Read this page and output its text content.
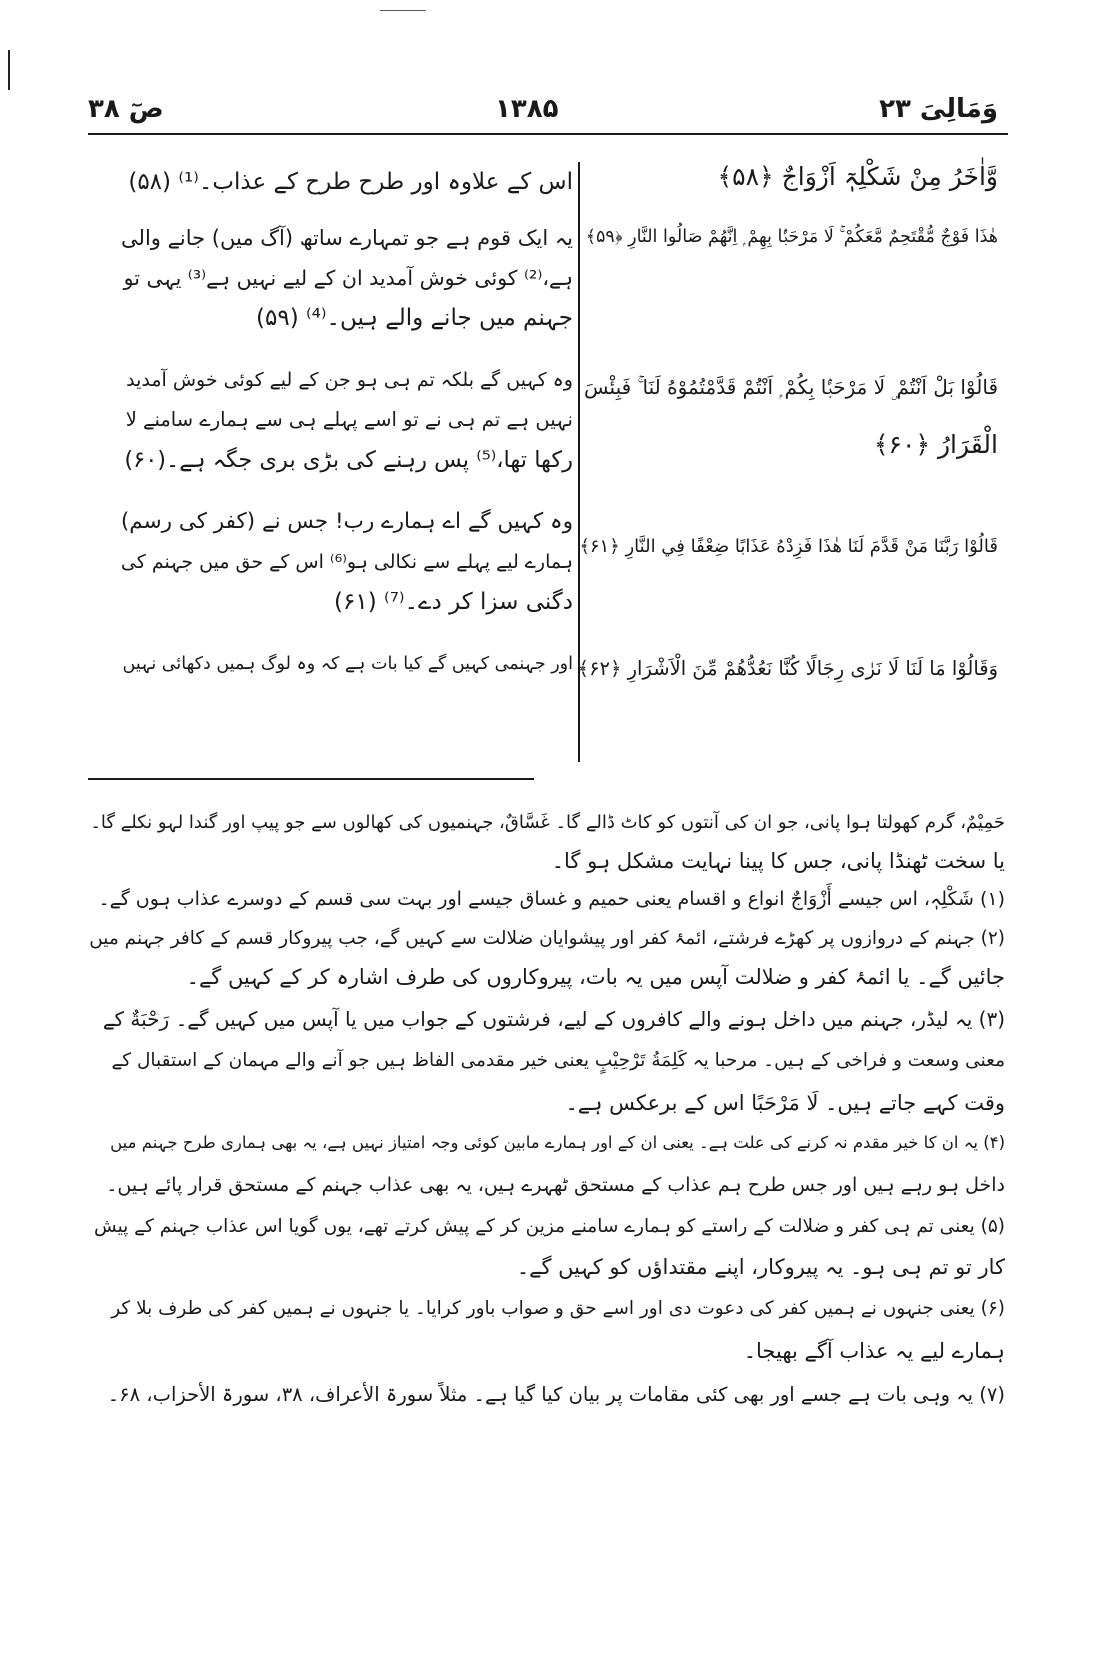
وَمَالِیَ ۲۳
۱۳۸۵
صٓ ۳۸
وَّاٰخَرُ مِنْ شَکْلِہٖٓ اَزْوَاجٌ ﴿۵۸﴾
ھٰذَا فَوْجٌ مُّقْتَحِمٌ مَّعَكُمْ ۚ لَا مَرْحَبًۢا بِهِمْ ۭ اِنَّهُمْ صَالُوا النَّارِ ﴿۵۹﴾
قَالُوْا بَلْ اَنْتُمْ ۣ لَا مَرْحَبًۢا بِكُمْ ۭ اَنْتُمْ قَدَّمْتُمُوْهُ لَنَا ۚ فَبِئْسَ
الْقَرَارُ ﴿۶۰﴾
قَالُوْا رَبَّنَا مَنْ قَدَّمَ لَنَا هٰذَا فَزِدْهُ عَذَابًا ضِعْفًا فِي النَّارِ ﴿۶۱﴾
وَقَالُوْا مَا لَنَا لَا نَرٰى رِجَالًا كُنَّا نَعُدُّهُمْ مِّنَ الْاَشْرَارِ ﴿۶۲﴾
اس کے علاوہ اور طرح طرح کے عذاب۔⁽¹⁾ (۵۸)
یہ ایک قوم ہے جو تمہارے ساتھ (آگ میں) جانے والی
ہے،⁽²⁾ کوئی خوش آمدید ان کے لیے نہیں ہے⁽³⁾ یہی تو
جہنم میں جانے والے ہیں۔⁽⁴⁾ (۵۹)
وہ کہیں گے بلکہ تم ہی ہو جن کے لیے کوئی خوش آمدید
نہیں ہے تم ہی نے تو اسے پہلے ہی سے ہمارے سامنے لا
رکھا تھا،⁽⁵⁾ پس رہنے کی بڑی بری جگہ ہے۔(۶۰)
وہ کہیں گے اے ہمارے رب! جس نے (کفر کی رسم)
ہمارے لیے پہلے سے نکالی ہو⁽⁶⁾ اس کے حق میں جہنم کی
دگنی سزا کر دے۔⁽⁷⁾ (۶۱)
اور جہنمی کہیں گے کیا بات ہے کہ وہ لوگ ہمیں دکھائی نہیں
حَمِیْمٌ، گرم کھولتا ہوا پانی، جو ان کی آنتوں کو کاٹ ڈالے گا۔ غَسَّاقٌ، جہنمیوں کی کھالوں سے جو پیپ اور گندا لہو نکلے گا۔
یا سخت ٹھنڈا پانی، جس کا پینا نہایت مشکل ہو گا۔
(۱) شَکْلِہٖ، اس جیسے أَزْوَاجٌ انواع و اقسام یعنی حمیم و غساق جیسے اور بہت سی قسم کے دوسرے عذاب ہوں گے۔
(۲) جہنم کے دروازوں پر کھڑے فرشتے، ائمۂ کفر اور پیشوایان ضلالت سے کہیں گے، جب پیروکار قسم کے کافر جہنم میں
جائیں گے۔ یا ائمۂ کفر و ضلالت آپس میں یہ بات، پیروکاروں کی طرف اشارہ کر کے کہیں گے۔
(۳) یہ لیڈر، جہنم میں داخل ہونے والے کافروں کے لیے، فرشتوں کے جواب میں یا آپس میں کہیں گے۔ رَحْبَةٌ کے
معنی وسعت و فراخی کے ہیں۔ مرحبا یہ کَلِمَةُ تَرْحِیْبٍ یعنی خیر مقدمی الفاظ ہیں جو آنے والے مہمان کے استقبال کے
وقت کہے جاتے ہیں۔ لَا مَرْحَبًا اس کے برعکس ہے۔
(۴) یہ ان کا خیر مقدم نہ کرنے کی علت ہے۔ یعنی ان کے اور ہمارے مابین کوئی وجہ امتیاز نہیں ہے، یہ بھی ہماری طرح جہنم میں
داخل ہو رہے ہیں اور جس طرح ہم عذاب کے مستحق ٹھہرے ہیں، یہ بھی عذاب جہنم کے مستحق قرار پائے ہیں۔
(۵) یعنی تم ہی کفر و ضلالت کے راستے کو ہمارے سامنے مزین کر کے پیش کرتے تھے، یوں گویا اس عذاب جہنم کے پیش
کار تو تم ہی ہو۔ یہ پیروکار، اپنے مقتداؤں کو کہیں گے۔
(۶) یعنی جنہوں نے ہمیں کفر کی دعوت دی اور اسے حق و صواب باور کرایا۔ یا جنہوں نے ہمیں کفر کی طرف بلا کر
ہمارے لیے یہ عذاب آگے بھیجا۔
(۷) یہ وہی بات ہے جسے اور بھی کئی مقامات پر بیان کیا گیا ہے۔ مثلاً سورۃ الأعراف، ۳۸، سورۃ الأحزاب، ۶۸۔
